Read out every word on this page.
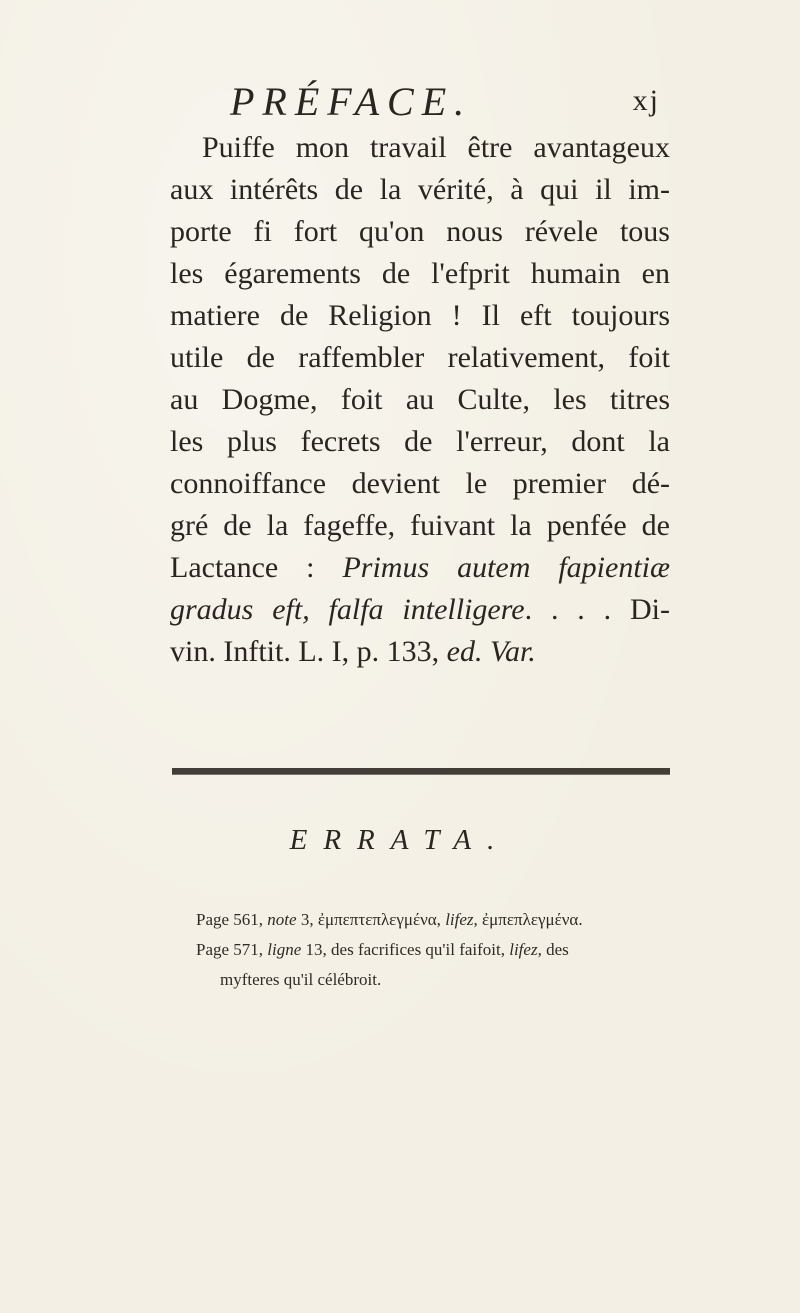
PRÉFACE.	xj
Puiffe mon travail être avantageux
aux intérêts de la vérité, à qui il im-
porte fi fort qu'on nous révele tous
les égarements de l'efprit humain en
matiere de Religion ! Il eft toujours
utile de raffembler relativement, foit
au Dogme, foit au Culte, les titres
les plus fecrets de l'erreur, dont la
connoiffance devient le premier dé-
gré de la fageffe, fuivant la penfée de
Lactance : Primus autem fapientiæ
gradus eft, falfa intelligere. . . . Di-
vin. Inftit. L. I, p. 133, ed. Var.
ERRATA.
Page 561, note 3, ἐμπεπτεπλεγμένα, lifez, ἐμπεπλεγμένα.
Page 571, ligne 13, des facrifices qu'il faifoit, lifez, des
myfteres qu'il célébroit.
